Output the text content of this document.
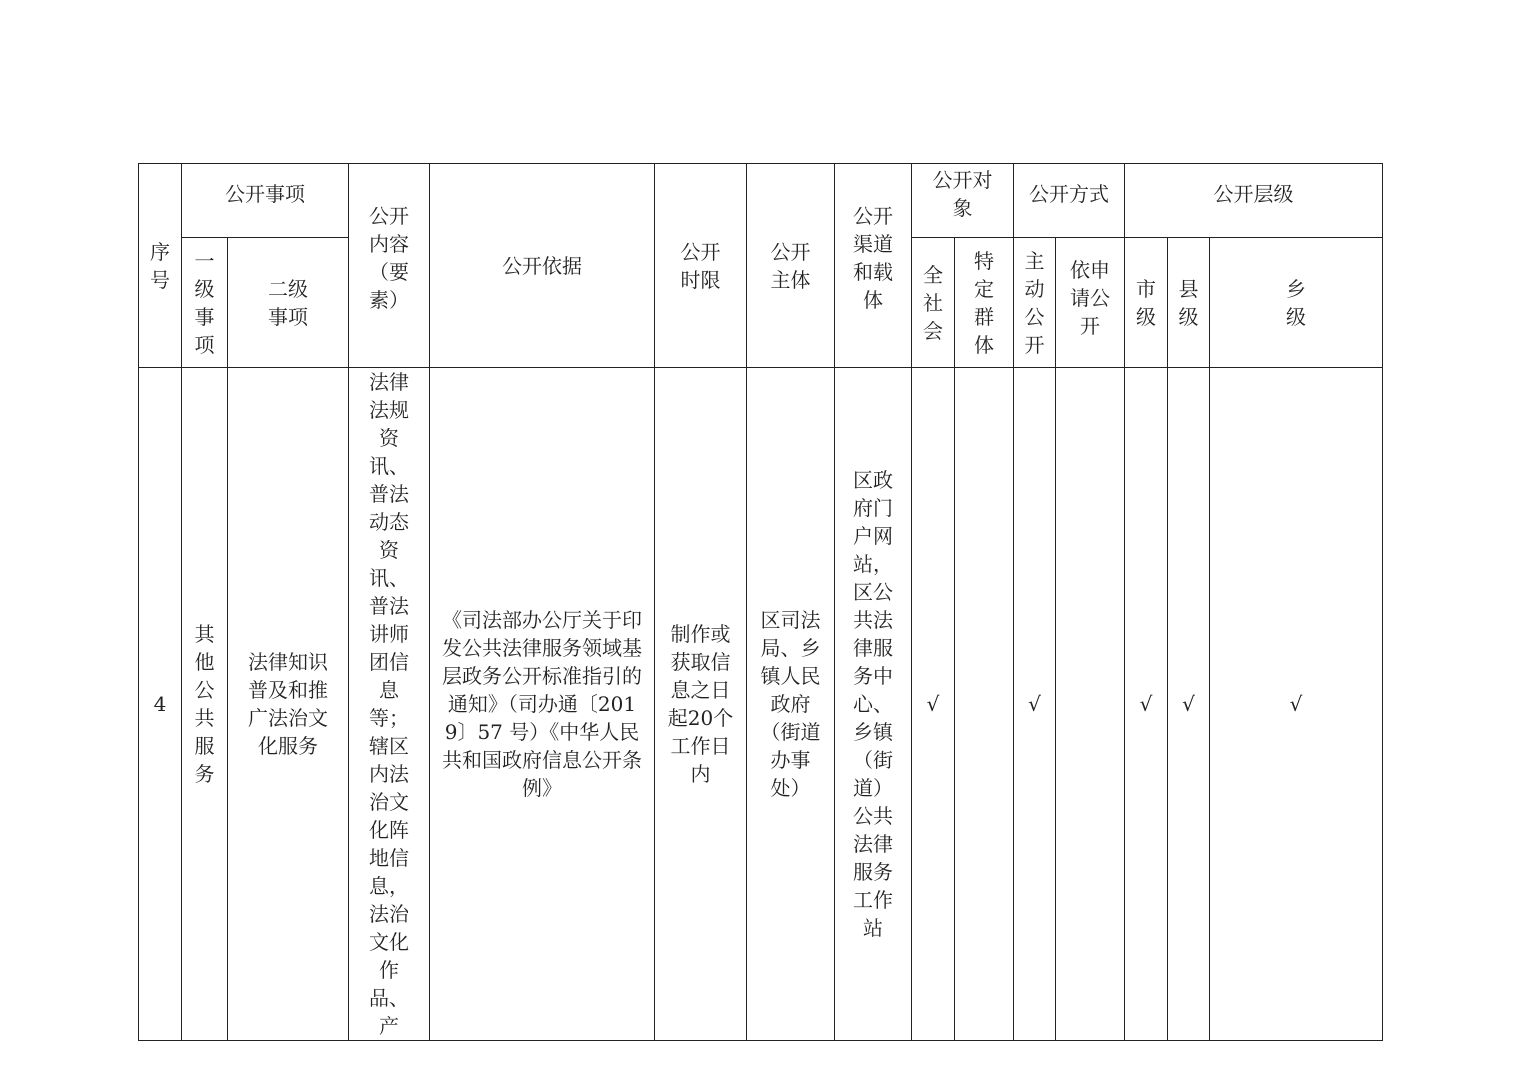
序号	公开事项		公开内容（要素）	公开依据	公开时限	公开主体	公开渠道和载体	公开对象		公开方式		公开层级		

	一级事项	二级事项						全社会	特定群体	主动公开	依申请公开	市级	县级	乡级

4	其他公共服务	法律知识普及和推广法治文化服务	法律法规资讯、普法动态资讯、普法讲师团信息等；辖区内法治文化阵地信息，法治文化作品、产	《司法部办公厅关于印发公共法律服务领域基层政务公开标准指引的通知》（司办通〔2019〕57 号）《中华人民共和国政府信息公开条例》	制作或获取信息之日起20个工作日内	区司法局、乡镇人民政府（街道办事处）	区政府门户网站，区公共法律服务中心、乡镇（街道）公共法律服务工作站	√		√		√	√	√
